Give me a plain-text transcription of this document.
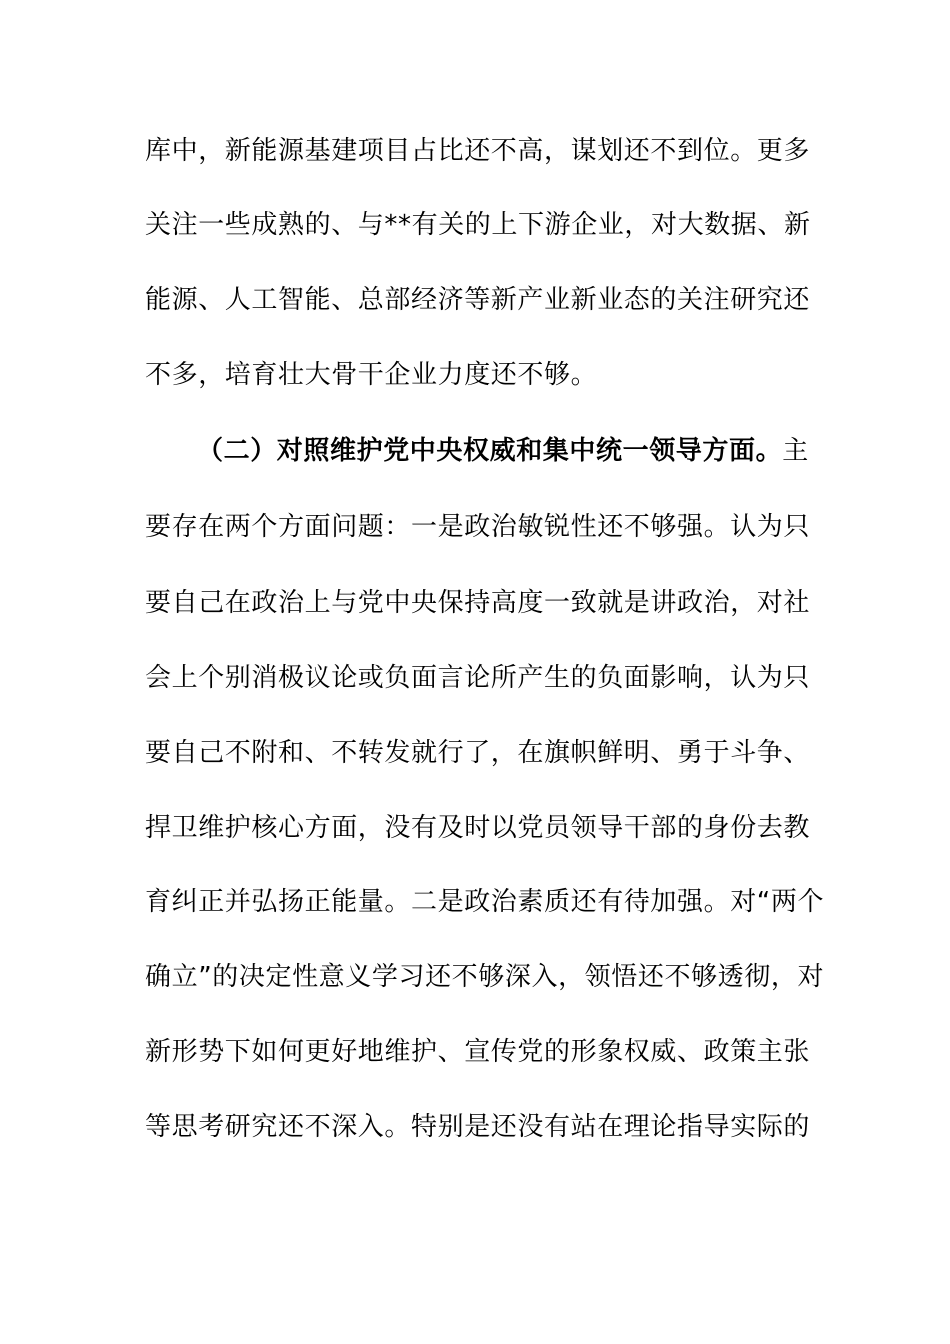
库中，新能源基建项目占比还不高，谋划还不到位。更多
关注一些成熟的、与**有关的上下游企业，对大数据、新
能源、人工智能、总部经济等新产业新业态的关注研究还
不多，培育壮大骨干企业力度还不够。
（二）对照维护党中央权威和集中统一领导方面。主
要存在两个方面问题：一是政治敏锐性还不够强。认为只
要自己在政治上与党中央保持高度一致就是讲政治，对社
会上个别消极议论或负面言论所产生的负面影响，认为只
要自己不附和、不转发就行了，在旗帜鲜明、勇于斗争、
捍卫维护核心方面，没有及时以党员领导干部的身份去教
育纠正并弘扬正能量。二是政治素质还有待加强。对“两个
确立”的决定性意义学习还不够深入，领悟还不够透彻，对
新形势下如何更好地维护、宣传党的形象权威、政策主张
等思考研究还不深入。特别是还没有站在理论指导实际的
